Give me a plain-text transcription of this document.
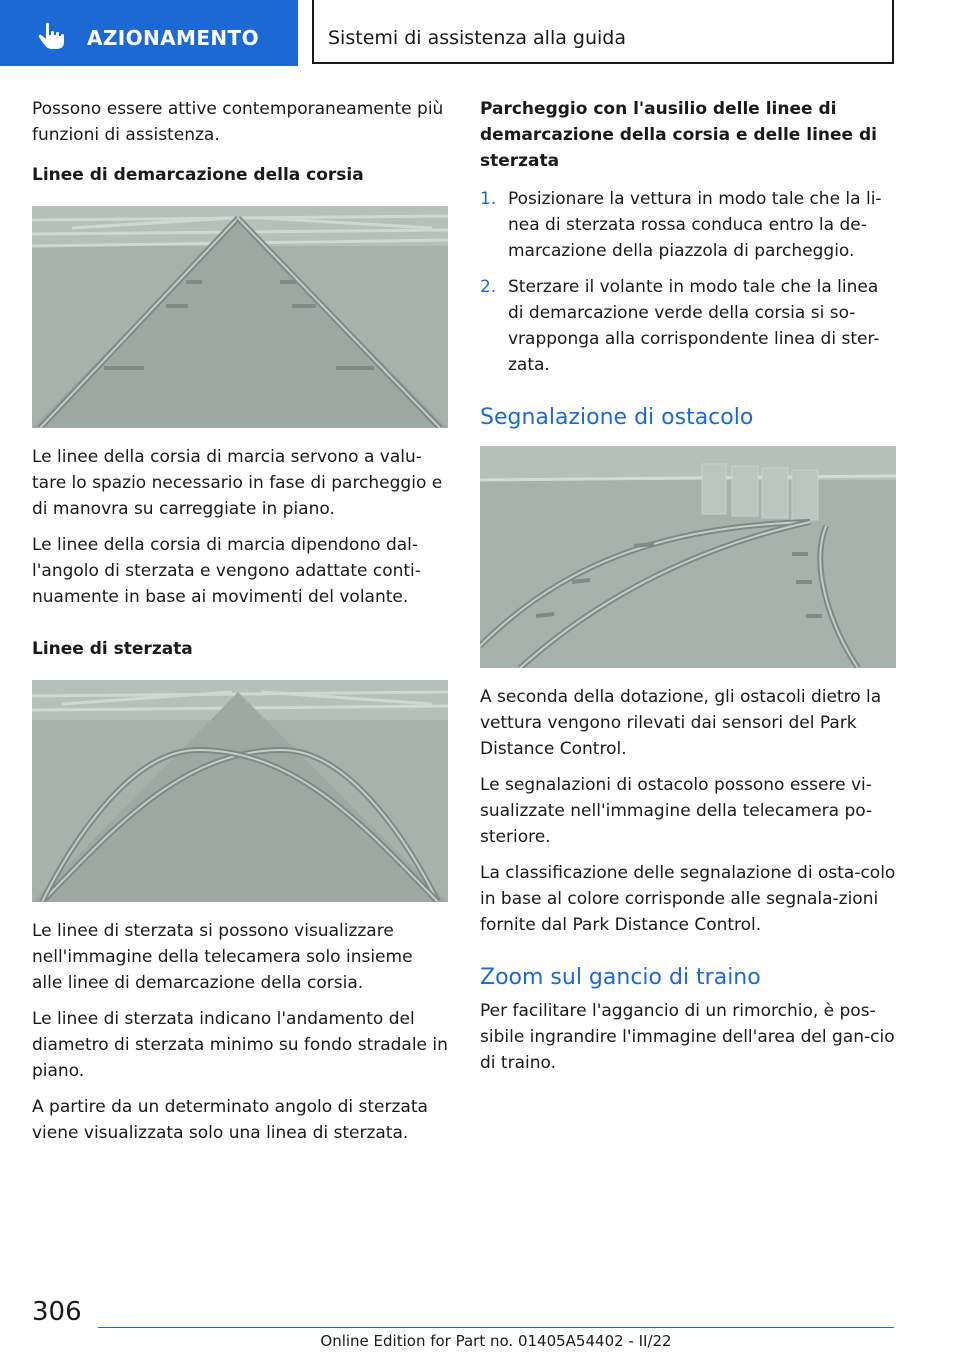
AZIONAMENTO	Sistemi di assistenza alla guida

Possono essere attive contemporaneamente più funzioni di assistenza.

Linee di demarcazione della corsia

Le linee della corsia di marcia servono a valu-tare lo spazio necessario in fase di parcheggio e di manovra su carreggiate in piano.

Le linee della corsia di marcia dipendono dal-l'angolo di sterzata e vengono adattate conti-nuamente in base ai movimenti del volante.

Linee di sterzata

Le linee di sterzata si possono visualizzare nell'immagine della telecamera solo insieme alle linee di demarcazione della corsia.

Le linee di sterzata indicano l'andamento del diametro di sterzata minimo su fondo stradale in piano.

A partire da un determinato angolo di sterzata viene visualizzata solo una linea di sterzata.

Parcheggio con l'ausilio delle linee di demarcazione della corsia e delle linee di sterzata
1. Posizionare la vettura in modo tale che la li-nea di sterzata rossa conduca entro la de-marcazione della piazzola di parcheggio.
2. Sterzare il volante in modo tale che la linea di demarcazione verde della corsia si so-vrapponga alla corrispondente linea di ster-zata.
Segnalazione di ostacolo

A seconda della dotazione, gli ostacoli dietro la vettura vengono rilevati dai sensori del Park Distance Control.

Le segnalazioni di ostacolo possono essere vi-sualizzate nell'immagine della telecamera po-steriore.

La classificazione delle segnalazione di osta-colo in base al colore corrisponde alle segnala-zioni fornite dal Park Distance Control.

Zoom sul gancio di traino

Per facilitare l'aggancio di un rimorchio, è pos-sibile ingrandire l'immagine dell'area del gan-cio di traino.

306
Online Edition for Part no. 01405A54402 - II/22
